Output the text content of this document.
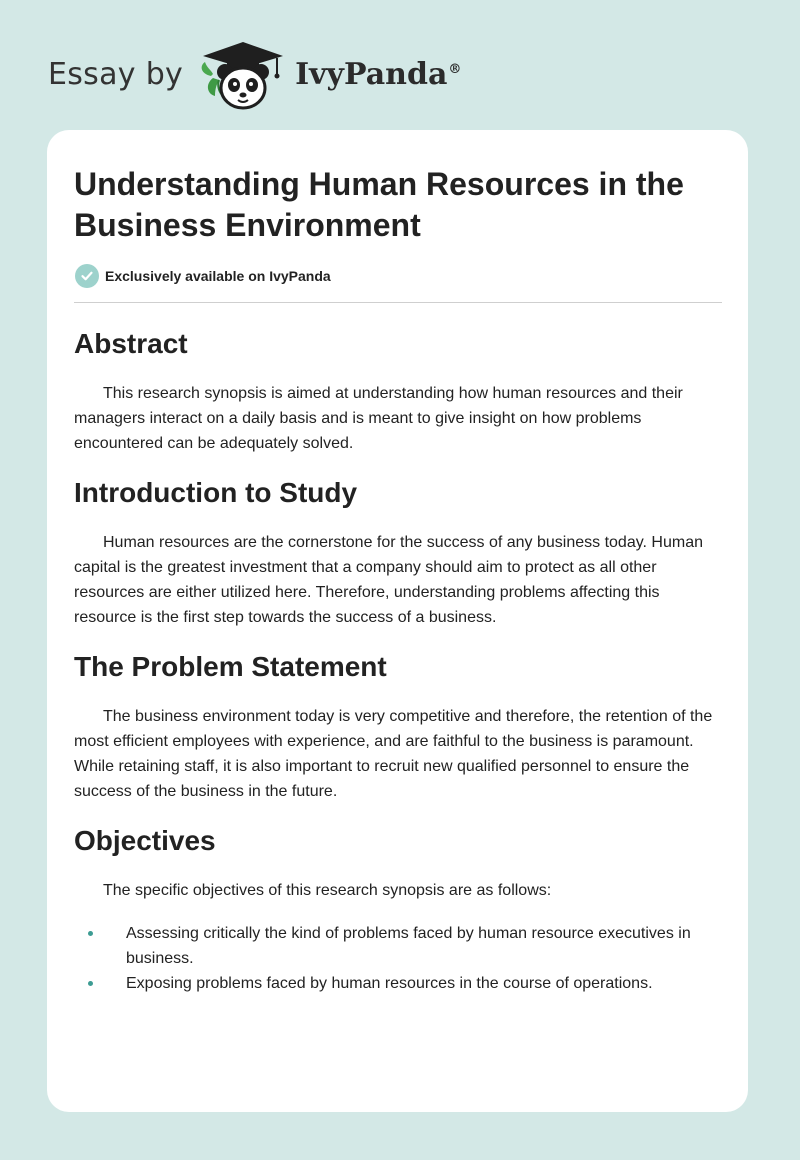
Essay by	IvyPanda®
Understanding Human Resources in the Business Environment
Exclusively available on IvyPanda
Abstract

This research synopsis is aimed at understanding how human resources and their managers interact on a daily basis and is meant to give insight on how problems encountered can be adequately solved.

Introduction to Study

Human resources are the cornerstone for the success of any business today. Human capital is the greatest investment that a company should aim to protect as all other resources are either utilized here. Therefore, understanding problems affecting this resource is the first step towards the success of a business.

The Problem Statement

The business environment today is very competitive and therefore, the retention of the most efficient employees with experience, and are faithful to the business is paramount. While retaining staff, it is also important to recruit new qualified personnel to ensure the success of the business in the future.

Objectives

The specific objectives of this research synopsis are as follows:

Assessing critically the kind of problems faced by human resource executives in business.
Exposing problems faced by human resources in the course of operations.
